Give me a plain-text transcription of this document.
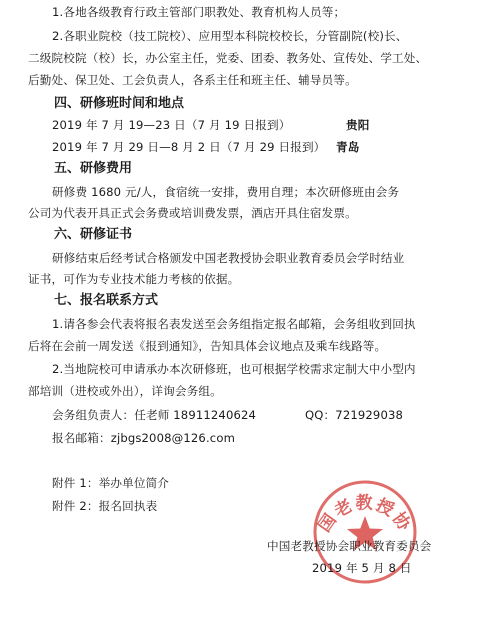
1.各地各级教育行政主管部门职教处、教育机构人员等；
2.各职业院校（技工院校）、应用型本科院校校长，分管副院(校)长、
二级院校院（校）长，办公室主任，党委、团委、教务处、宣传处、学工处、
后勤处、保卫处、工会负责人，各系主任和班主任、辅导员等。
四、研修班时间和地点
2019 年 7 月 19—23 日（7 月 19 日报到）	贵阳
2019 年 7 月 29 日—8 月 2 日（7 月 29 日报到） 青岛
五、研修费用
研修费 1680 元/人，食宿统一安排，费用自理；本次研修班由会务
公司为代表开具正式会务费或培训费发票，酒店开具住宿发票。
六、研修证书
研修结束后经考试合格颁发中国老教授协会职业教育委员会学时结业
证书，可作为专业技术能力考核的依据。
七、报名联系方式
1.请各参会代表将报名表发送至会务组指定报名邮箱，会务组收到回执
后将在会前一周发送《报到通知》，告知具体会议地点及乘车线路等。
2.当地院校可申请承办本次研修班，也可根据学校需求定制大中小型内
部培训（进校或外出），详询会务组。
会务组负责人：任老师 18911240624	QQ：721929038
报名邮箱：zjbgs2008@126.com
附件 1：举办单位简介
附件 2：报名回执表
国老教授协
中国老教授协会职业教育委员会
2019 年 5 月 8 日
